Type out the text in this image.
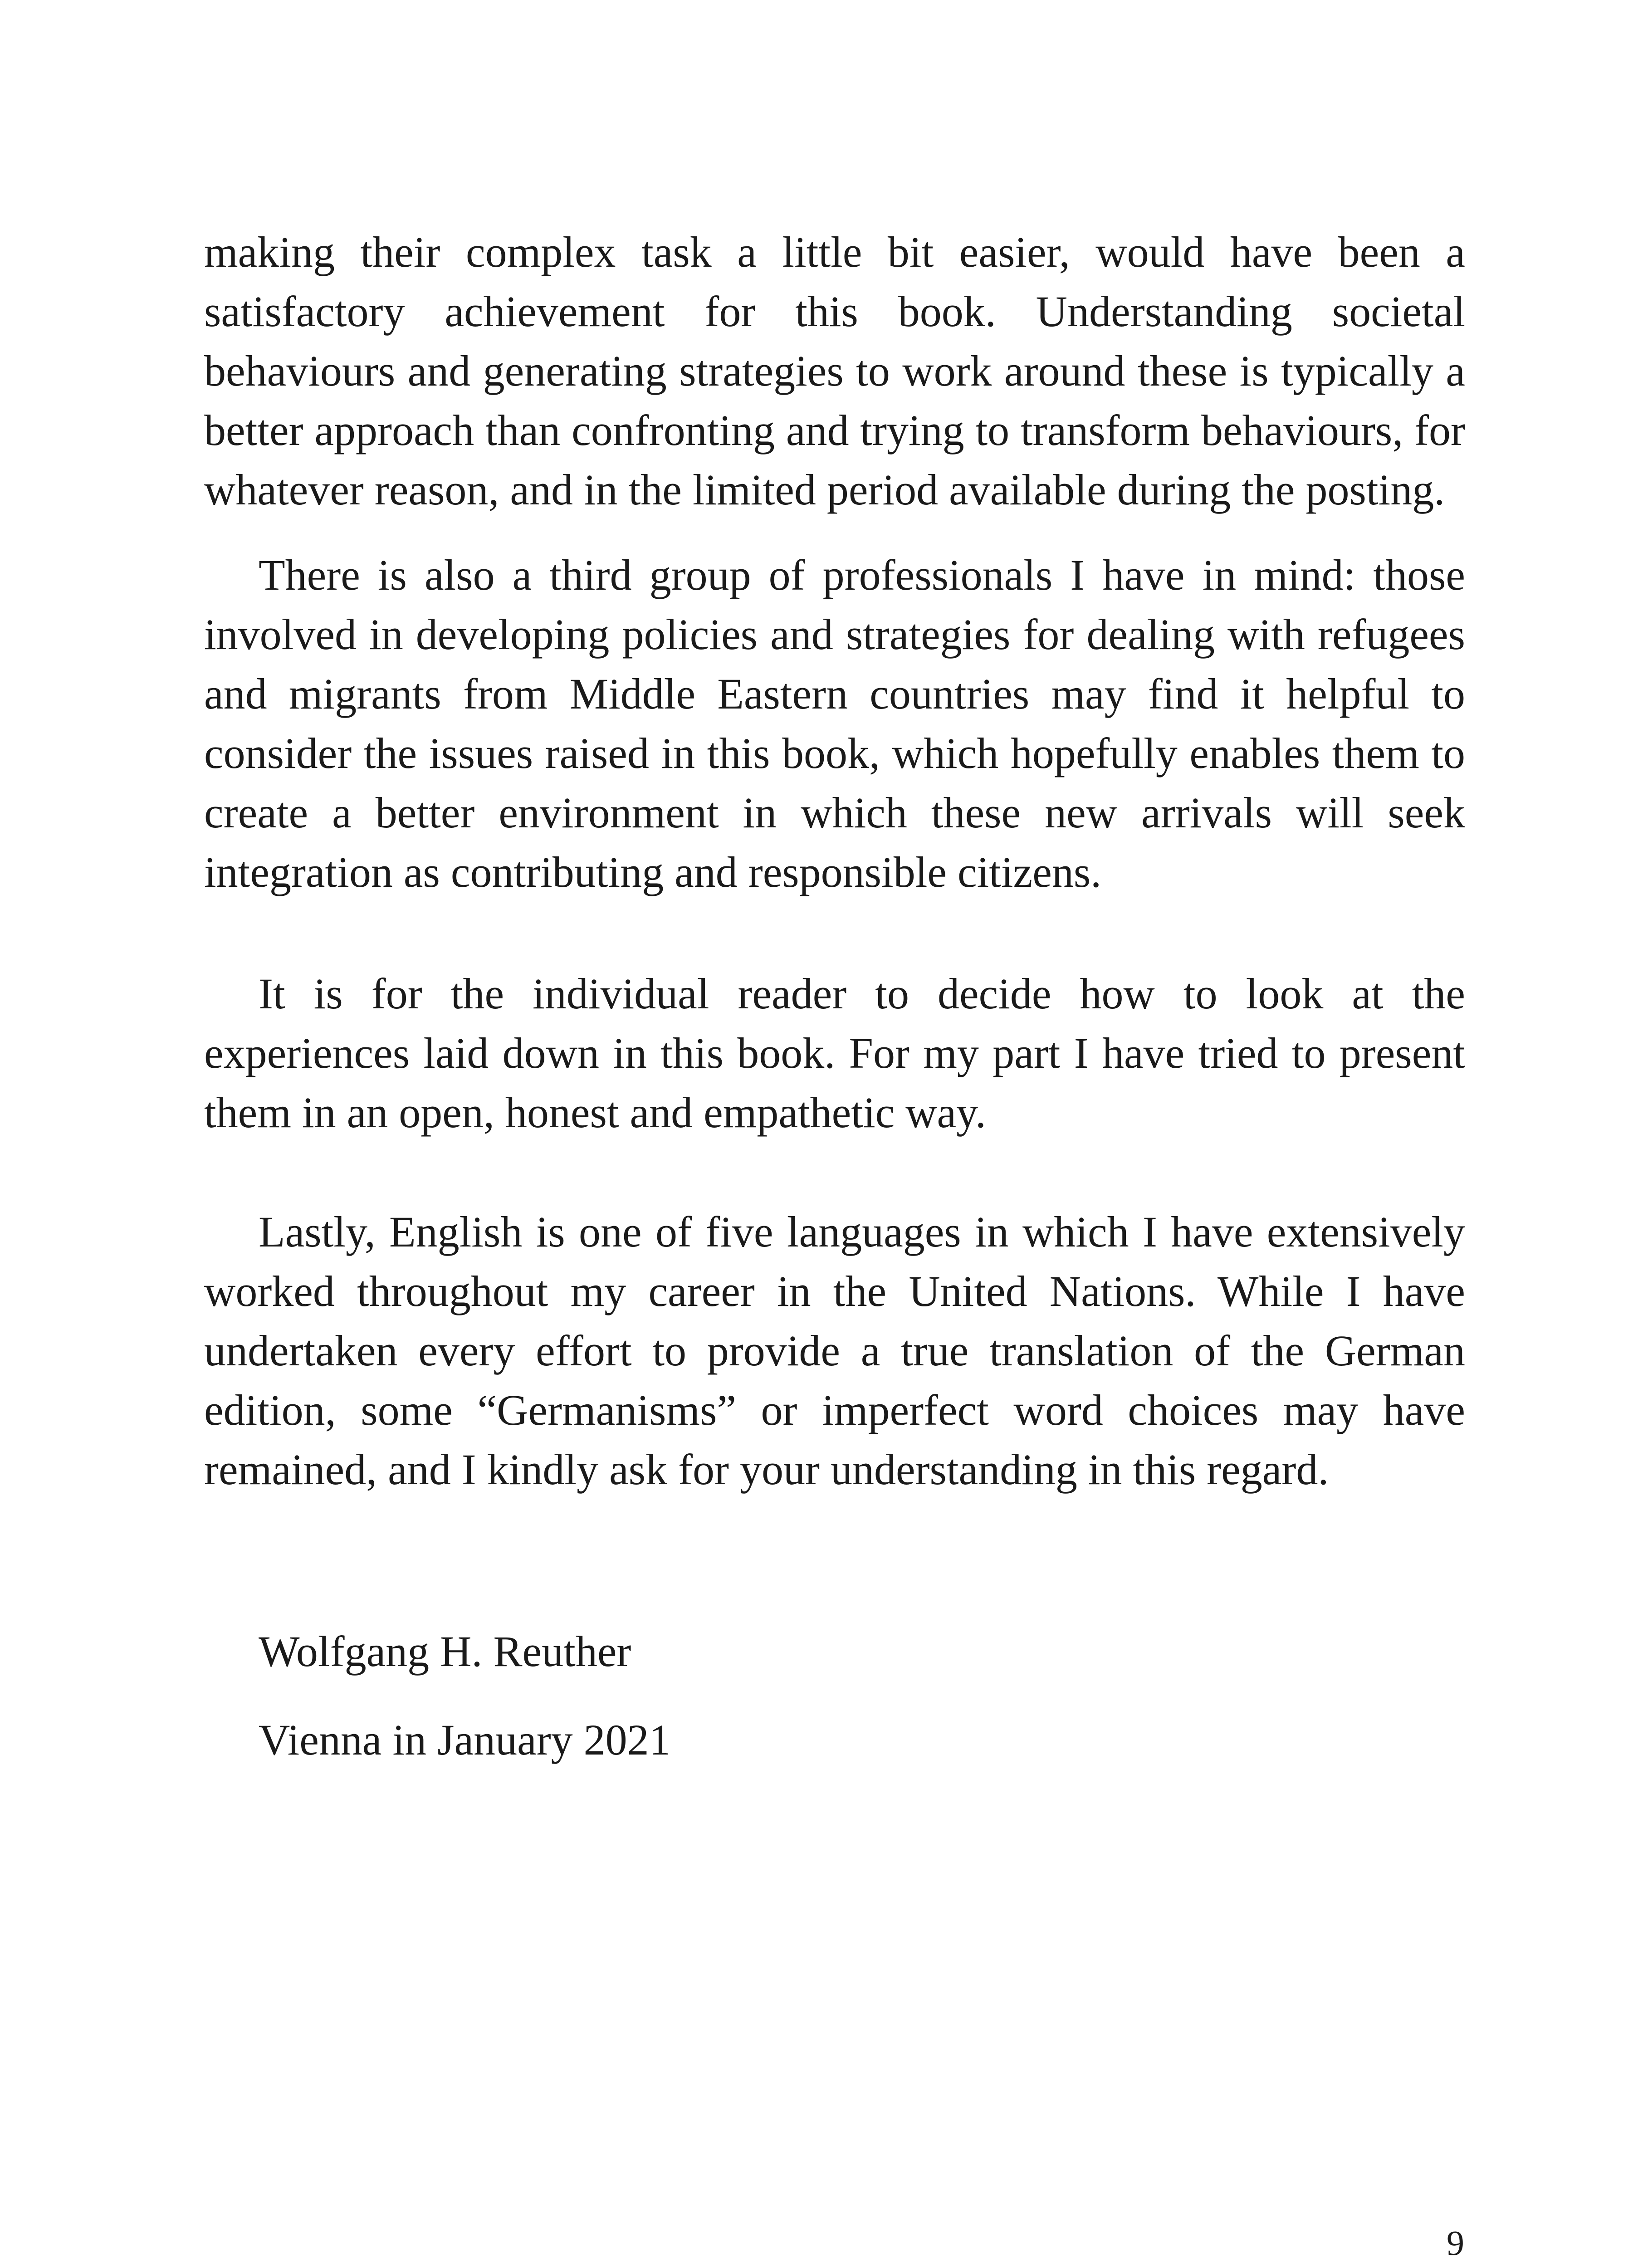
making their complex task a little bit easier, would have been a satisfactory achievement for this book. Understanding societal behaviours and generating strategies to work around these is typically a better approach than confronting and trying to transform behaviours, for whatever reason, and in the limited period available during the posting.

There is also a third group of professionals I have in mind: those involved in developing policies and strategies for dealing with refugees and migrants from Middle Eastern countries may find it helpful to consider the issues raised in this book, which hopefully enables them to create a better environment in which these new arrivals will seek integration as contributing and responsible citizens.

It is for the individual reader to decide how to look at the experiences laid down in this book. For my part I have tried to present them in an open, honest and empathetic way.

Lastly, English is one of five languages in which I have extensively worked throughout my career in the United Nations. While I have undertaken every effort to provide a true translation of the German edition, some “Germanisms” or imperfect word choices may have remained, and I kindly ask for your understanding in this regard.

Wolfgang H. Reuther
Vienna in January 2021
9
